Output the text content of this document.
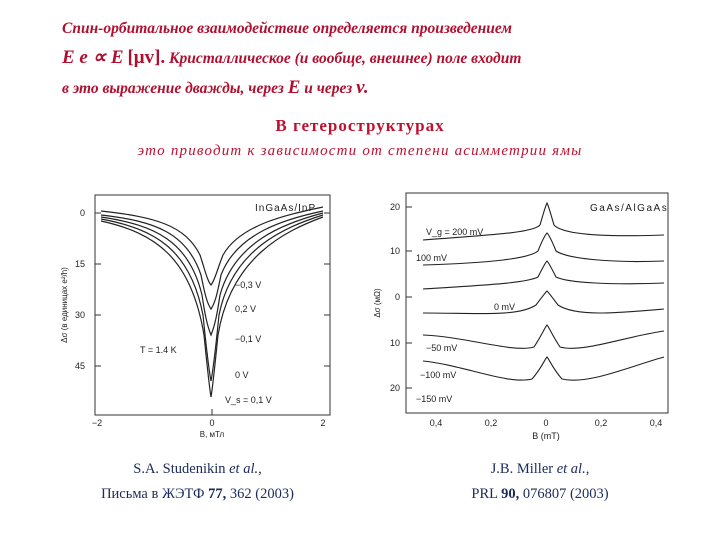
Спин-орбитальное взаимодействие определяется произведением
E e ∝ E [μv]. Кристаллическое (и вообще, внешнее) поле входит
в это выражение дважды, через E и через v.
В гетероструктурах
это приводит к зависимости от степени асимметрии ямы
0
15
30
45
−2	0	2
B, мТл
Δσ (в единицах e²/h)
InGaAs/InP
−0,3 V
0,2 V
−0,1 V
0 V
V_s = 0,1 V
T = 1.4 K
20
10
0
10
20
0,4	0,2	0	0,2	0,4
B (mT)
Δσ (мΩ)
V_g = 200 mV
100 mV
0 mV
−50 mV
−100 mV
−150 mV
GaAs/AlGaAs
S.A. Studenikin et al.,
Письма в ЖЭТФ 77, 362 (2003)
J.B. Miller et al.,
PRL 90, 076807 (2003)
